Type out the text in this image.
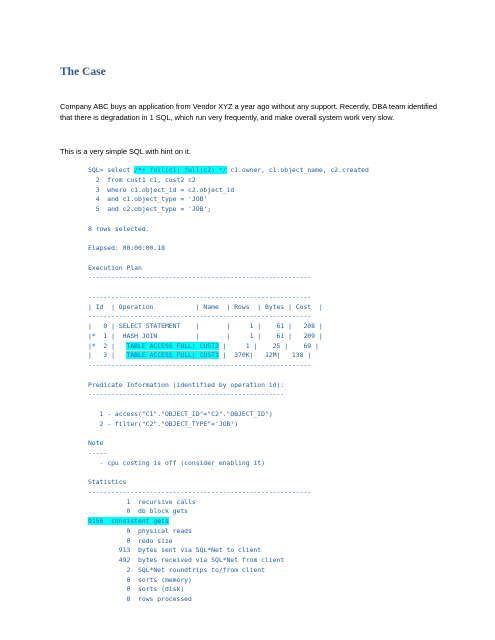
The Case

Company ABC buys an application from Vendor XYZ a year ago without any support. Recently, DBA team identified that there is degradation in 1 SQL, which run very frequently, and make overall system work very slow.

This is a very simple SQL with hint on it.

SQL> select /*+ full(c1) full(c2) */ c1.owner, c1.object_name, c2.created
2  from cust1 c1, cust2 c2
3  where c1.object_id = c2.object_id
4  and c1.object_type = 'JOB'
5  and c2.object_type = 'JOB';

8 rows selected.

Elapsed: 00:00:00.18

Execution Plan
----------------------------------------------------------

----------------------------------------------------------
| Id  | Operation           | Name  | Rows  | Bytes | Cost  |
----------------------------------------------------------
|   0 | SELECT STATEMENT    |       |     1 |    61 |   208 |
|*  1 |  HASH JOIN          |       |     1 |    61 |   209 |
|*  2 |   TABLE ACCESS FULL| CUST2 |     1 |    25 |    69 |
|   3 |   TABLE ACCESS FULL| CUST1 |  370K|   12M|   138 |
----------------------------------------------------------

Predicate Information (identified by operation id):
---------------------------------------------------

1 - access("C1"."OBJECT_ID"="C2"."OBJECT_ID")
2 - filter("C2"."OBJECT_TYPE"='JOB')

Note
-----
- cpu costing is off (consider enabling it)

Statistics
----------------------------------------------------------
1  recursive calls
0  db block gets
9156  consistent gets
0  physical reads
0  redo size
913  bytes sent via SQL*Net to client
492  bytes received via SQL*Net from client
2  SQL*Net roundtrips to/from client
0  sorts (memory)
0  sorts (disk)
8  rows processed
